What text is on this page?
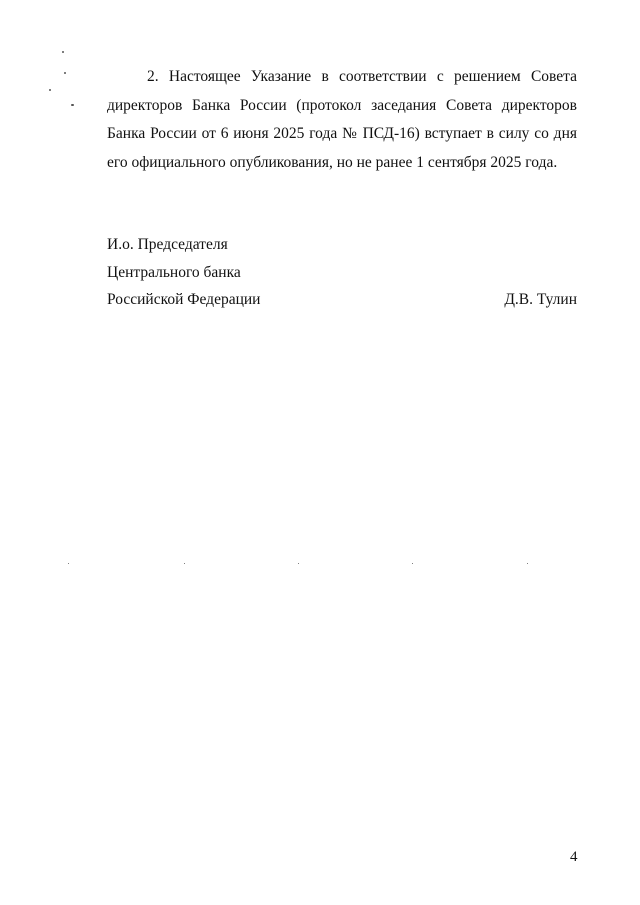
2. Настоящее Указание в соответствии с решением Совета директоров Банка России (протокол заседания Совета директоров Банка России от 6 июня 2025 года № ПСД-16) вступает в силу со дня его официального опубликования, но не ранее 1 сентября 2025 года.

И.о. Председателя

Центрального банка

Российской Федерации	Д.В. Тулин

4
